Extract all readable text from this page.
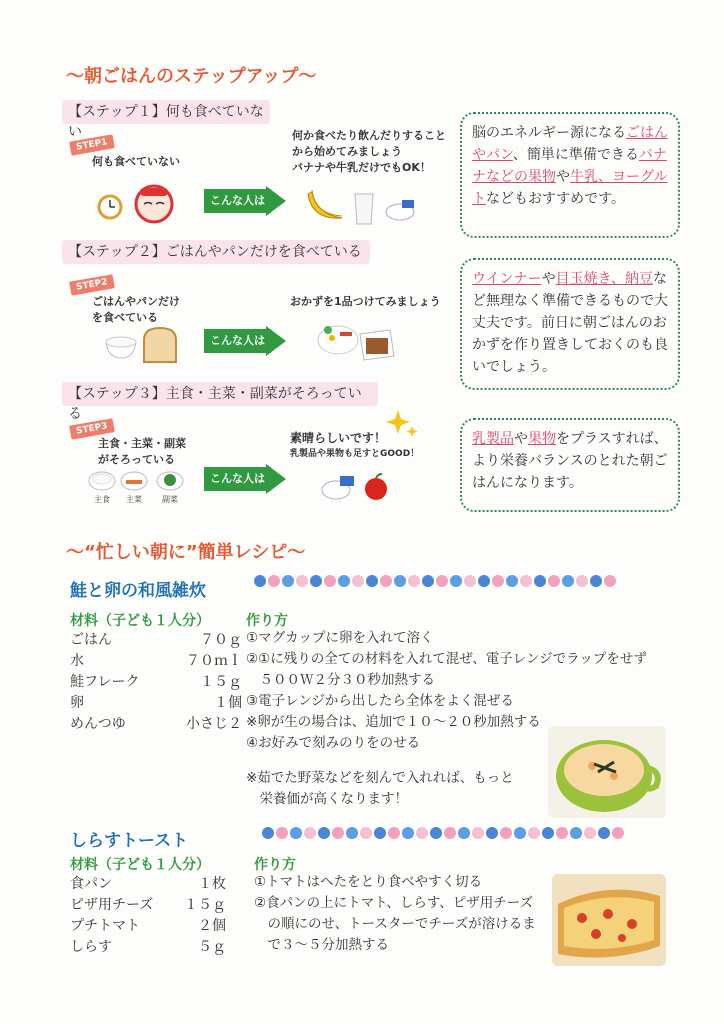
〜朝ごはんのステップアップ〜
【ステップ１】何も食べていない
STEP1
何も食べていない
こんな人は
何か食べたり飲んだりすること
から始めてみましょう
バナナや牛乳だけでもOK！
脳のエネルギー源になるごはんやパン、簡単に準備できるバナナなどの果物や牛乳、ヨーグルトなどもおすすめです。
【ステップ２】ごはんやパンだけを食べている
STEP2
ごはんやパンだけ
を食べている
こんな人は
おかずを1品つけてみましょう
ウインナーや目玉焼き、納豆など無理なく準備できるもので大丈夫です。前日に朝ごはんのおかずを作り置きしておくのも良いでしょう。
【ステップ３】主食・主菜・副菜がそろっている
STEP3
主食・主菜・副菜
がそろっている
主食 主菜	副菜
こんな人は
素晴らしいです！
乳製品や果物も足すとGOOD！
乳製品や果物をプラスすれば、より栄養バランスのとれた朝ごはんになります。
〜“忙しい朝に”簡単レシピ〜
鮭と卵の和風雑炊
材料（子ども１人分）
ごはん	７０ｇ
水	７０ｍｌ
鮭フレーク	１５ｇ
卵	１個
めんつゆ	小さじ２
作り方
①マグカップに卵を入れて溶く
②①に残りの全ての材料を入れて混ぜ、電子レンジでラップをせず
　５００Ｗ２分３０秒加熱する
③電子レンジから出したら全体をよく混ぜる
※卵が生の場合は、追加で１０〜２０秒加熱する
④お好みで刻みのりをのせる
※茹でた野菜などを刻んで入れれば、もっと
　栄養価が高くなります！
しらすトースト
材料（子ども１人分）
食パン	１枚
ピザ用チーズ	１５ｇ
プチトマト	２個
しらす	５ｇ
作り方
①トマトはへたをとり食べやすく切る
②食パンの上にトマト、しらす、ピザ用チーズ
　の順にのせ、トースターでチーズが溶けるま
　で３〜５分加熱する
